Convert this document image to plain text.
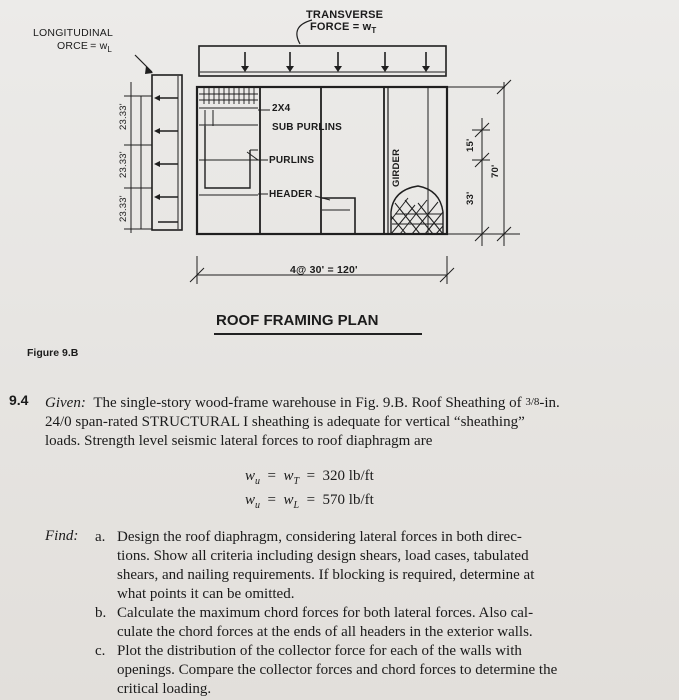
TRANSVERSE
FORCE = $w_T$
LONGITUDINAL
ORCE = $w_L$
2X4
SUB PURLINS
PURLINS
HEADER
GIRDER
4@ 30' = 120'
23.33'
23.33'
23.33'
15'
33'
70'
ROOF FRAMING PLAN
Figure 9.B
9.4 Given: The single-story wood-frame warehouse in Fig. 9.B. Roof Sheathing of 3/8-in.
24/0 span-rated STRUCTURAL I sheathing is adequate for vertical “sheathing”
loads. Strength level seismic lateral forces to roof diaphragm are
$w_u = w_T = 320$ lb/ft
$w_u = w_L = 570$ lb/ft
Find: a. Design the roof diaphragm, considering lateral forces in both direc-
tions. Show all criteria including design shears, load cases, tabulated
shears, and nailing requirements. If blocking is required, determine at
what points it can be omitted.
b. Calculate the maximum chord forces for both lateral forces. Also cal-
culate the chord forces at the ends of all headers in the exterior walls.
c. Plot the distribution of the collector force for each of the walls with
openings. Compare the collector forces and chord forces to determine the
critical loading.
